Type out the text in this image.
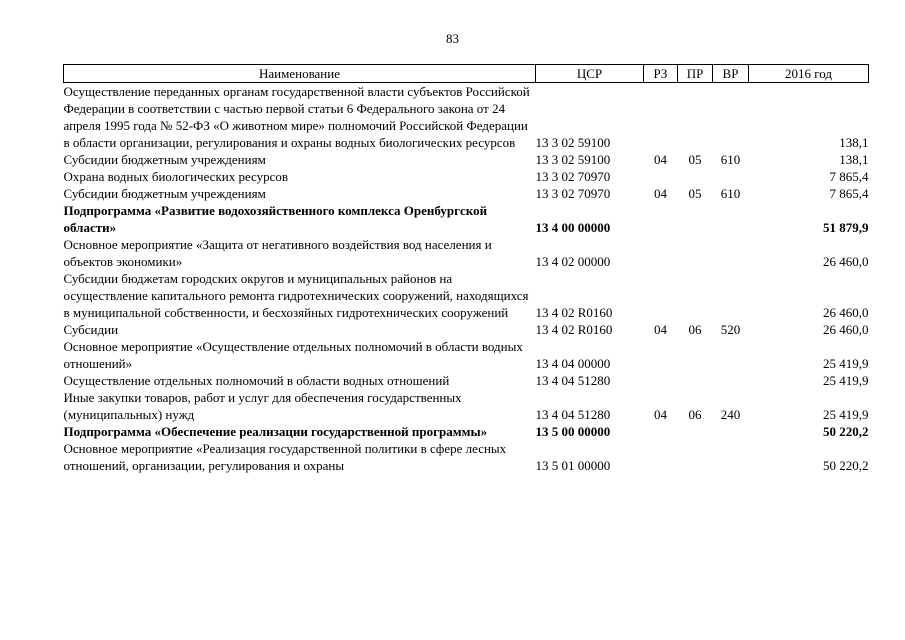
83
Наименование	ЦСР	РЗ	ПР	ВР	2016 год
Осуществление переданных органам государственной власти субъектов Российской Федерации в соответствии с частью первой статьи 6 Федерального закона от 24 апреля 1995 года № 52-ФЗ «О животном мире» полномочий Российской Федерации в области организации, регулирования и охраны водных биологических ресурсов	13 3 02 59100				138,1
Субсидии бюджетным учреждениям	13 3 02 59100	04	05	610	138,1
Охрана водных биологических ресурсов	13 3 02 70970				7 865,4
Субсидии бюджетным учреждениям	13 3 02 70970	04	05	610	7 865,4
Подпрограмма «Развитие водохозяйственного комплекса Оренбургской области»	13 4 00 00000				51 879,9
Основное мероприятие «Защита от негативного воздействия вод населения и объектов экономики»	13 4 02 00000				26 460,0
Субсидии бюджетам городских округов и муниципальных районов на осуществление капитального ремонта гидротехнических сооружений, находящихся в муниципальной собственности, и бесхозяйных гидротехнических сооружений	13 4 02 R0160				26 460,0
Субсидии	13 4 02 R0160	04	06	520	26 460,0
Основное мероприятие «Осуществление отдельных полномочий в области водных отношений»	13 4 04 00000				25 419,9
Осуществление отдельных полномочий в области водных отношений	13 4 04 51280				25 419,9
Иные закупки товаров, работ и услуг для обеспечения государственных (муниципальных) нужд	13 4 04 51280	04	06	240	25 419,9
Подпрограмма «Обеспечение реализации государственной программы»	13 5 00 00000				50 220,2
Основное мероприятие «Реализация государственной политики в сфере лесных отношений, организации, регулирования и охраны	13 5 01 00000				50 220,2
